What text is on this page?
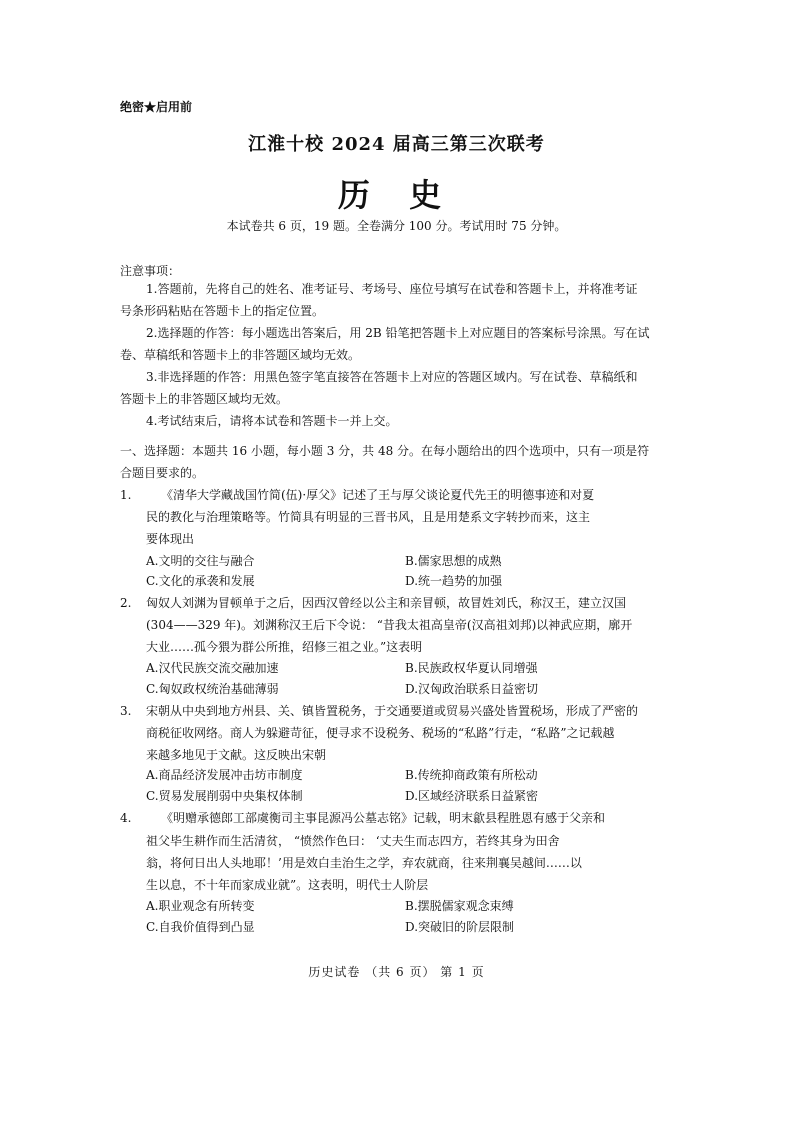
绝密★启用前
江淮十校 2024 届高三第三次联考
历 史
本试卷共 6 页，19 题。全卷满分 100 分。考试用时 75 分钟。
注意事项：
1.答题前，先将自己的姓名、准考证号、考场号、座位号填写在试卷和答题卡上，并将准考证
号条形码粘贴在答题卡上的指定位置。
2.选择题的作答：每小题选出答案后，用 2B 铅笔把答题卡上对应题目的答案标号涂黑。写在试
卷、草稿纸和答题卡上的非答题区域均无效。
3.非选择题的作答：用黑色签字笔直接答在答题卡上对应的答题区域内。写在试卷、草稿纸和
答题卡上的非答题区域均无效。
4.考试结束后，请将本试卷和答题卡一并上交。
一、选择题：本题共 16 小题，每小题 3 分，共 48 分。在每小题给出的四个选项中，只有一项是符
合题目要求的。
1. 《清华大学藏战国竹简(伍)·厚父》记述了王与厚父谈论夏代先王的明德事迹和对夏
民的教化与治理策略等。竹简具有明显的三晋书风，且是用楚系文字转抄而来，这主
要体现出
A.文明的交往与融合	B.儒家思想的成熟
C.文化的承袭和发展	D.统一趋势的加强
2. 匈奴人刘渊为冒顿单于之后，因西汉曾经以公主和亲冒顿，故冒姓刘氏，称汉王，建立汉国
(304——329 年)。刘渊称汉王后下令说： “昔我太祖高皇帝(汉高祖刘邦)以神武应期，廓开
大业……孤今猥为群公所推，绍修三祖之业。”这表明
A.汉代民族交流交融加速	B.民族政权华夏认同增强
C.匈奴政权统治基础薄弱	D.汉匈政治联系日益密切
3. 宋朝从中央到地方州县、关、镇皆置税务，于交通要道或贸易兴盛处皆置税场，形成了严密的
商税征收网络。商人为躲避苛征，便寻求不设税务、税场的“私路”行走，“私路”之记载越
来越多地见于文献。这反映出宋朝
A.商品经济发展冲击坊市制度	B.传统抑商政策有所松动
C.贸易发展削弱中央集权体制	D.区域经济联系日益紧密
4. 《明赠承德郎工部虞衡司主事昆源冯公墓志铭》记载，明末歙县程胜恩有感于父亲和
祖父毕生耕作而生活清贫， “愤然作色曰： ‘丈夫生而志四方，若终其身为田舍
翁，将何日出人头地耶！’用是效白圭治生之学，弃农就商，往来荆襄吴越间……以
生以息，不十年而家成业就”。这表明，明代士人阶层
A.职业观念有所转变	B.摆脱儒家观念束缚
C.自我价值得到凸显	D.突破旧的阶层限制
历史试卷 （共 6 页） 第 1 页
